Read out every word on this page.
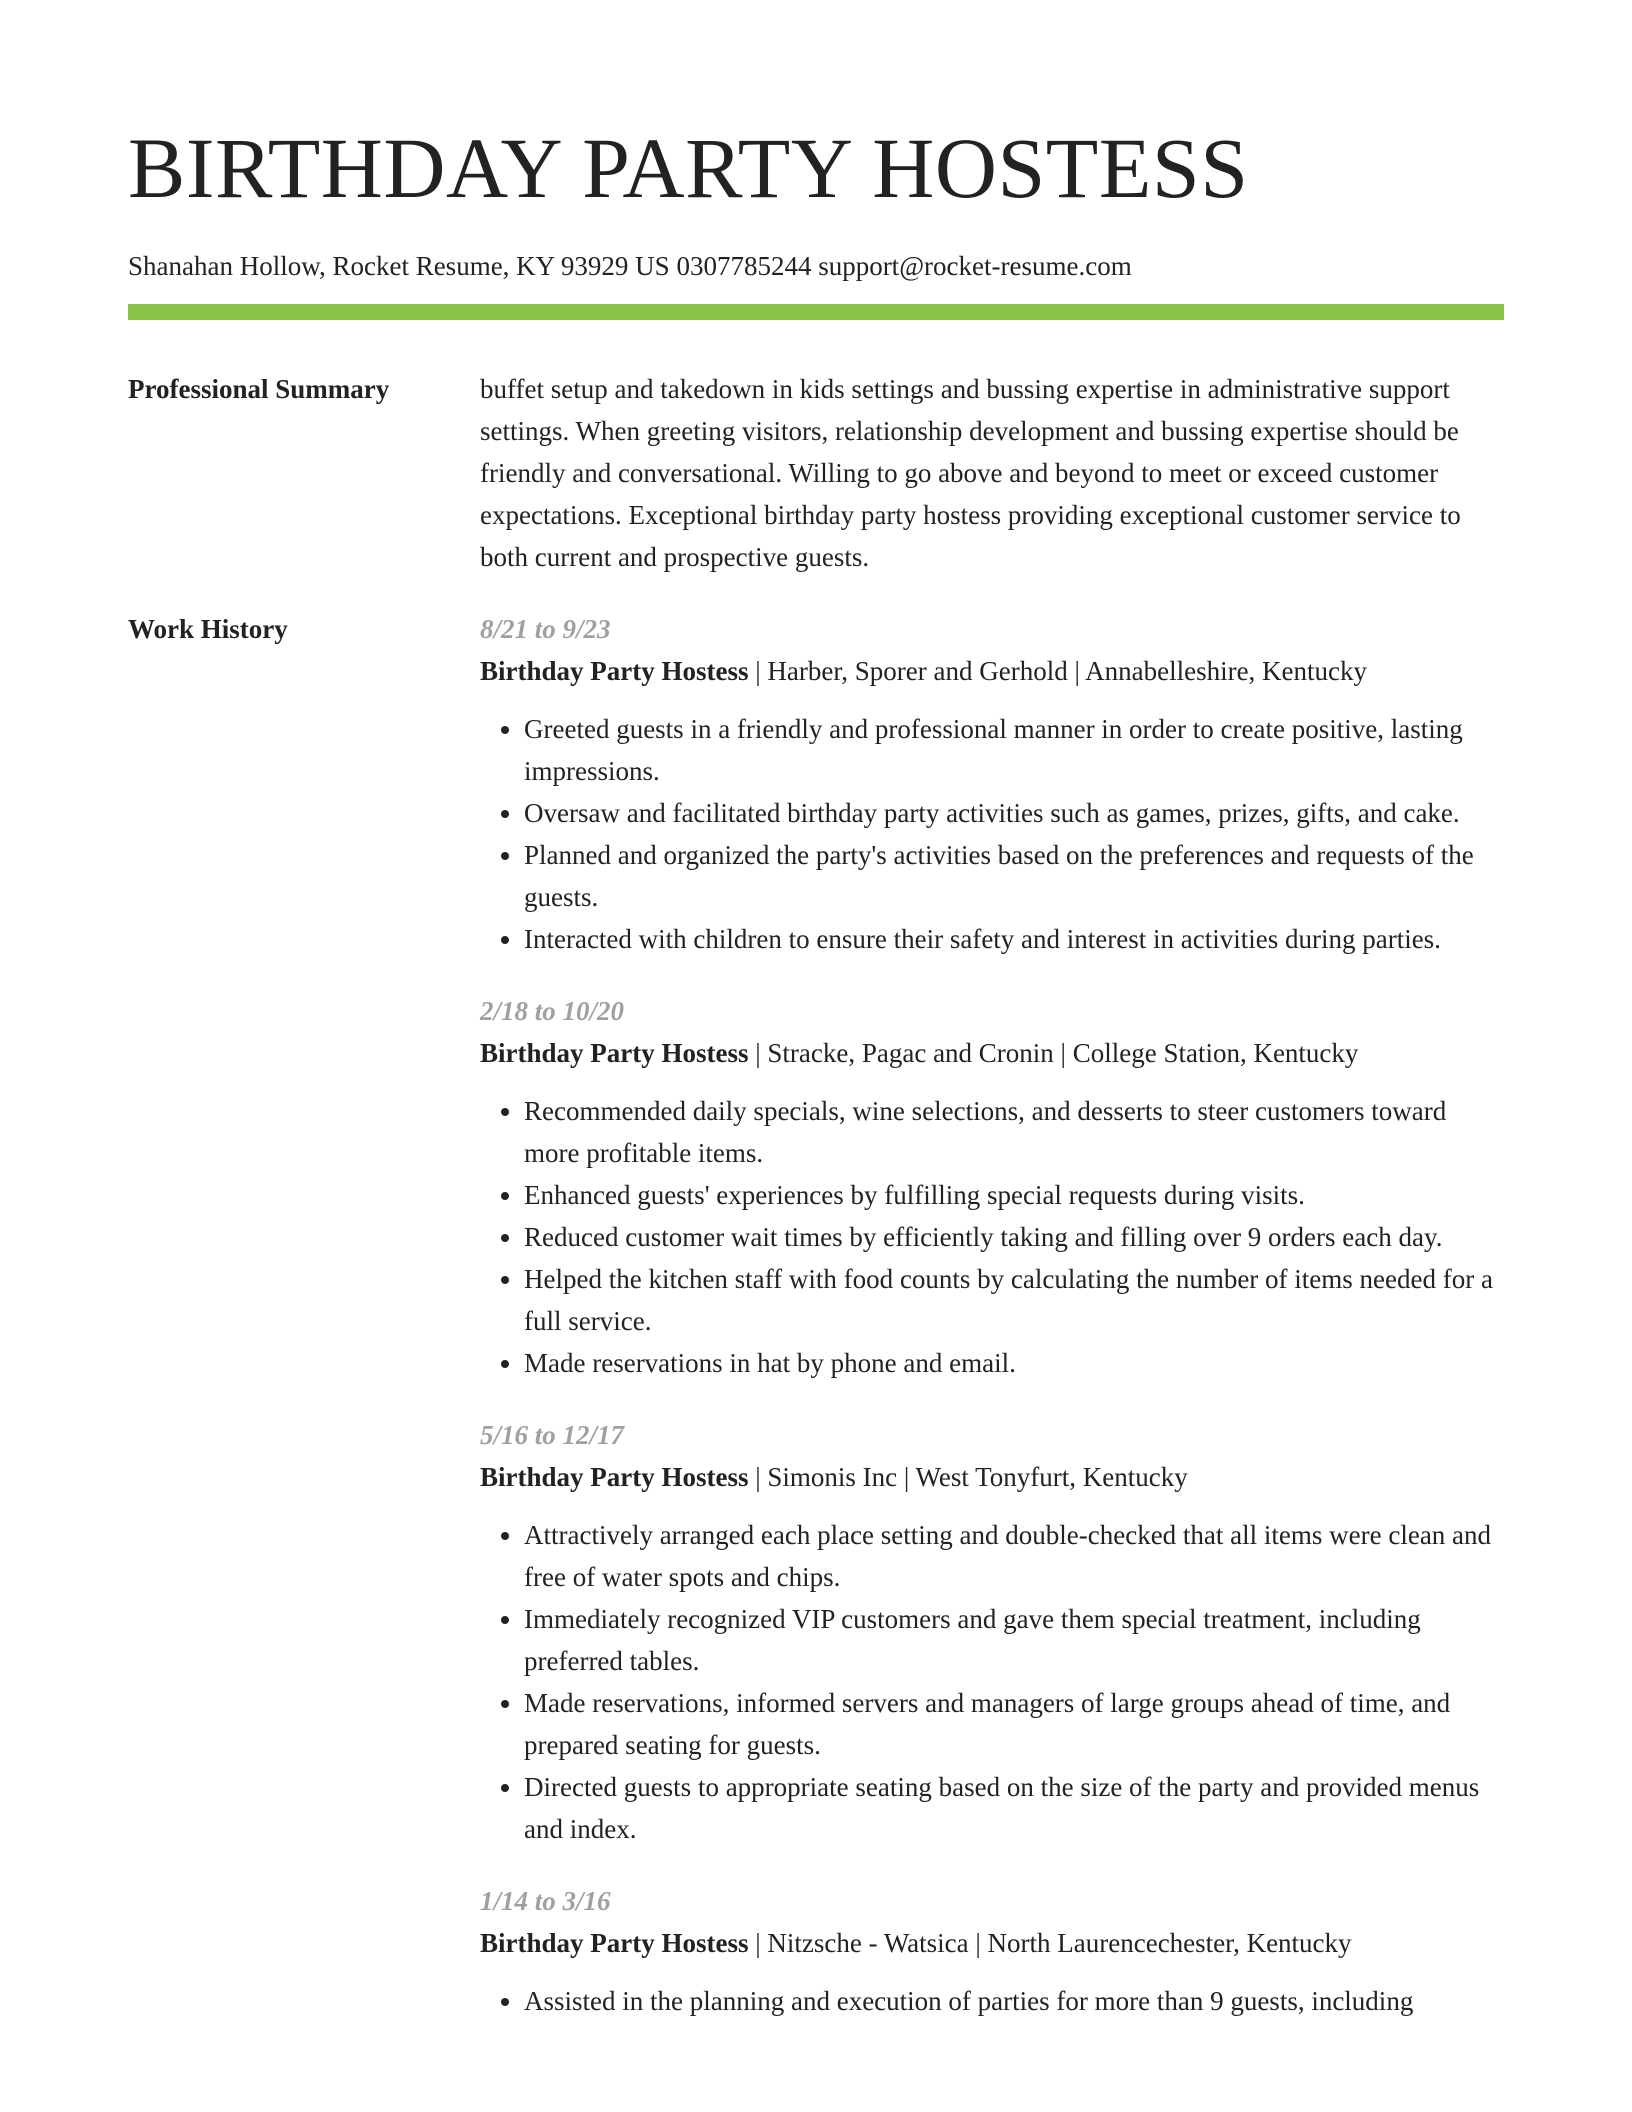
BIRTHDAY PARTY HOSTESS
Shanahan Hollow, Rocket Resume, KY 93929 US 0307785244 support@rocket-resume.com
Professional Summary	buffet setup and takedown in kids settings and bussing expertise in administrative support settings. When greeting visitors, relationship development and bussing expertise should be friendly and conversational. Willing to go above and beyond to meet or exceed customer expectations. Exceptional birthday party hostess providing exceptional customer service to both current and prospective guests.

Work History	8/21 to 9/23
Birthday Party Hostess | Harber, Sporer and Gerhold | Annabelleshire, Kentucky
• Greeted guests in a friendly and professional manner in order to create positive, lasting impressions.
• Oversaw and facilitated birthday party activities such as games, prizes, gifts, and cake.
• Planned and organized the party's activities based on the preferences and requests of the guests.
• Interacted with children to ensure their safety and interest in activities during parties.
2/18 to 10/20
Birthday Party Hostess | Stracke, Pagac and Cronin | College Station, Kentucky
• Recommended daily specials, wine selections, and desserts to steer customers toward more profitable items.
• Enhanced guests' experiences by fulfilling special requests during visits.
• Reduced customer wait times by efficiently taking and filling over 9 orders each day.
• Helped the kitchen staff with food counts by calculating the number of items needed for a full service.
• Made reservations in hat by phone and email.
5/16 to 12/17
Birthday Party Hostess | Simonis Inc | West Tonyfurt, Kentucky
• Attractively arranged each place setting and double-checked that all items were clean and free of water spots and chips.
• Immediately recognized VIP customers and gave them special treatment, including preferred tables.
• Made reservations, informed servers and managers of large groups ahead of time, and prepared seating for guests.
• Directed guests to appropriate seating based on the size of the party and provided menus and index.
1/14 to 3/16
Birthday Party Hostess | Nitzsche - Watsica | North Laurencechester, Kentucky
• Assisted in the planning and execution of parties for more than 9 guests, including
